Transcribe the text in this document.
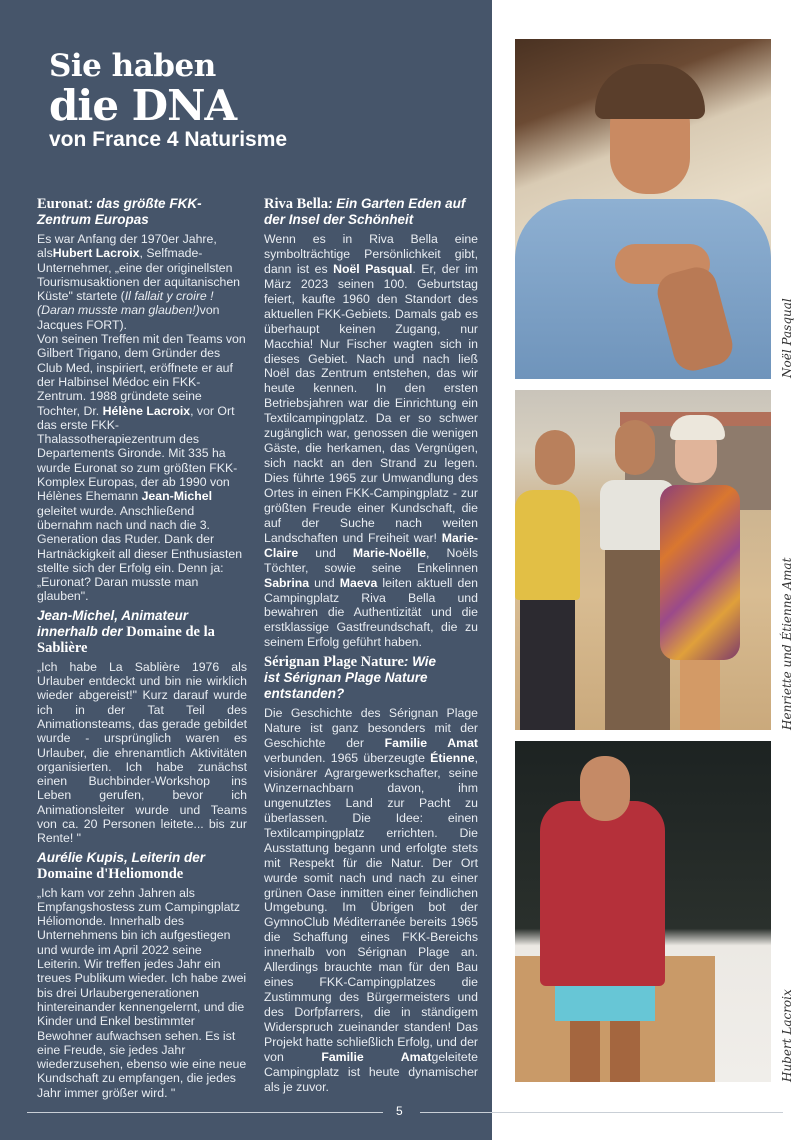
Sie haben
die DNA
von France 4 Naturisme
Euronat: das größte FKK-Zentrum Europas

Es war Anfang der 1970er Jahre, alsHubert Lacroix, Selfmade-Unternehmer, „eine der originellsten Tourismusaktionen der aquitanischen Küste" startete (Il fallait y croire ! (Daran musste man glauben!)von Jacques FORT).
Von seinen Treffen mit den Teams von Gilbert Trigano, dem Gründer des Club Med, inspiriert, eröffnete er auf der Halbinsel Médoc ein FKK-Zentrum. 1988 gründete seine Tochter, Dr. Hélène Lacroix, vor Ort das erste FKK-Thalassotherapiezentrum des Departements Gironde. Mit 335 ha wurde Euronat so zum größten FKK-Komplex Europas, der ab 1990 von Hélènes Ehemann Jean-Michel geleitet wurde. Anschließend übernahm nach und nach die 3. Generation das Ruder. Dank der Hartnäckigkeit all dieser Enthusiasten
stellte sich der Erfolg ein. Denn ja: „Euronat? Daran musste man glauben".

Jean-Michel, Animateur innerhalb der Domaine de la Sablière

„Ich habe La Sablière 1976 als Urlauber entdeckt und bin nie wirklich wieder abgereist!" Kurz darauf wurde ich in der Tat Teil des Animationsteams, das gerade gebildet wurde - ursprünglich waren es Urlauber, die ehrenamtlich Aktivitäten organisierten. Ich habe zunächst einen Buchbinder-Workshop ins Leben gerufen, bevor ich Animationsleiter wurde und Teams von ca. 20 Personen leitete... bis zur Rente! "

Aurélie Kupis, Leiterin der Domaine d'Heliomonde

„Ich kam vor zehn Jahren als Empfangshostess zum Campingplatz Héliomonde. Innerhalb des Unternehmens bin ich aufgestiegen und wurde im April 2022 seine Leiterin. Wir treffen jedes Jahr ein treues Publikum wieder. Ich habe zwei bis drei Urlaubergenerationen hintereinander kennengelernt, und die Kinder und Enkel bestimmter Bewohner aufwachsen sehen. Es ist eine Freude, sie jedes Jahr wiederzusehen, ebenso wie eine neue Kundschaft zu empfangen, die jedes Jahr immer größer wird. "

Riva Bella: Ein Garten Eden auf der Insel der Schönheit

Wenn es in Riva Bella eine symbolträchtige Persönlichkeit gibt, dann ist es Noël Pasqual. Er, der im März 2023 seinen 100. Geburtstag feiert, kaufte 1960 den Standort des aktuellen FKK-Gebiets. Damals gab es überhaupt keinen Zugang, nur Macchia! Nur Fischer wagten sich in dieses Gebiet. Nach und nach ließ Noël das Zentrum entstehen, das wir heute kennen. In den ersten Betriebsjahren war die Einrichtung ein Textilcampingplatz. Da er so schwer zugänglich war, genossen die wenigen Gäste, die herkamen, das Vergnügen, sich nackt an den Strand zu legen. Dies führte 1965 zur Umwandlung des Ortes in einen FKK-Campingplatz - zur größten Freude einer Kundschaft, die auf der Suche nach weiten Landschaften und Freiheit war! Marie-Claire und Marie-Noëlle, Noëls Töchter, sowie seine Enkelinnen Sabrina und Maeva leiten aktuell den Campingplatz Riva Bella und bewahren die Authentizität und die erstklassige Gastfreundschaft, die zu seinem Erfolg geführt haben.

Sérignan Plage Nature: Wie ist Sérignan Plage Nature entstanden?

Die Geschichte des Sérignan Plage Nature ist ganz besonders mit der Geschichte der Familie Amat verbunden. 1965 überzeugte Étienne, visionärer Agrargewerkschafter, seine Winzernachbarn davon, ihm ungenutztes Land zur Pacht zu überlassen. Die Idee: einen Textilcampingplatz errichten. Die Ausstattung begann und erfolgte stets mit Respekt für die Natur. Der Ort wurde somit nach und nach zu einer grünen Oase inmitten einer feindlichen Umgebung. Im Übrigen bot der GymnoClub Méditerranée bereits 1965 die Schaffung eines FKK-Bereichs innerhalb von Sérignan Plage an. Allerdings brauchte man für den Bau eines FKK-Campingplatzes die Zustimmung des Bürgermeisters und des Dorfpfarrers, die in ständigem Widerspruch zueinander standen! Das Projekt hatte schließlich Erfolg, und der von Familie Amatgeleitete Campingplatz ist heute dynamischer als je zuvor.

Noël Pasqual
Henriette und Étienne Amat
Hubert Lacroix
5
